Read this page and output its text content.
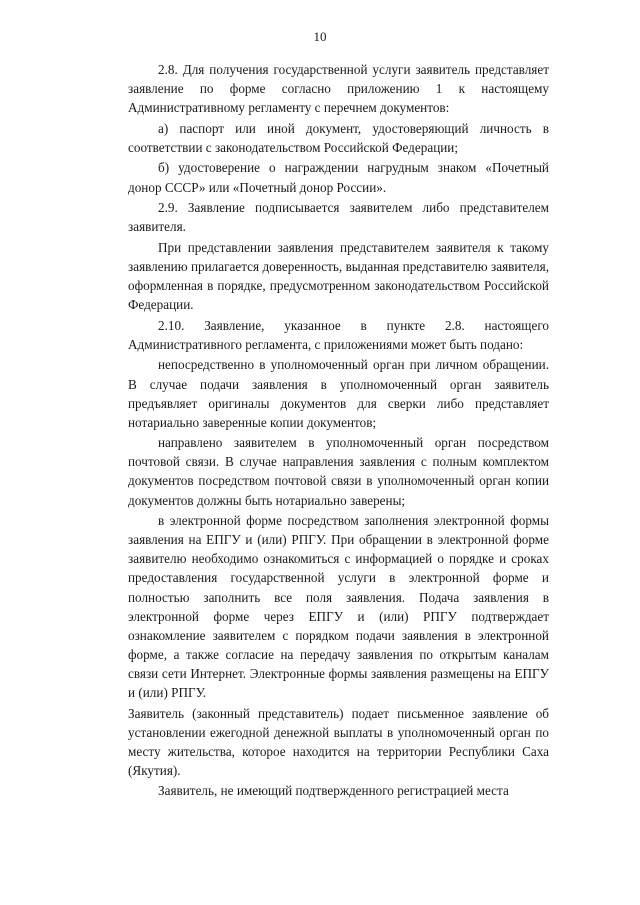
10

2.8. Для получения государственной услуги заявитель представляет заявление по форме согласно приложению 1 к настоящему Административному регламенту с перечнем документов:

а) паспорт или иной документ, удостоверяющий личность в соответствии с законодательством Российской Федерации;

б) удостоверение о награждении нагрудным знаком «Почетный донор СССР» или «Почетный донор России».

2.9. Заявление подписывается заявителем либо представителем заявителя.

При представлении заявления представителем заявителя к такому заявлению прилагается доверенность, выданная представителю заявителя, оформленная в порядке, предусмотренном законодательством Российской Федерации.

2.10. Заявление, указанное в пункте 2.8. настоящего Административного регламента, с приложениями может быть подано:

непосредственно в уполномоченный орган при личном обращении. В случае подачи заявления в уполномоченный орган заявитель предъявляет оригиналы документов для сверки либо представляет нотариально заверенные копии документов;

направлено заявителем в уполномоченный орган посредством почтовой связи. В случае направления заявления с полным комплектом документов посредством почтовой связи в уполномоченный орган копии документов должны быть нотариально заверены;

в электронной форме посредством заполнения электронной формы заявления на ЕПГУ и (или) РПГУ. При обращении в электронной форме заявителю необходимо ознакомиться с информацией о порядке и сроках предоставления государственной услуги в электронной форме и полностью заполнить все поля заявления. Подача заявления в электронной форме через ЕПГУ и (или) РПГУ подтверждает ознакомление заявителем с порядком подачи заявления в электронной форме, а также согласие на передачу заявления по открытым каналам связи сети Интернет. Электронные формы заявления размещены на ЕПГУ и (или) РПГУ.

Заявитель (законный представитель) подает письменное заявление об установлении ежегодной денежной выплаты в уполномоченный орган по месту жительства, которое находится на территории Республики Саха (Якутия).

Заявитель, не имеющий подтвержденного регистрацией места
